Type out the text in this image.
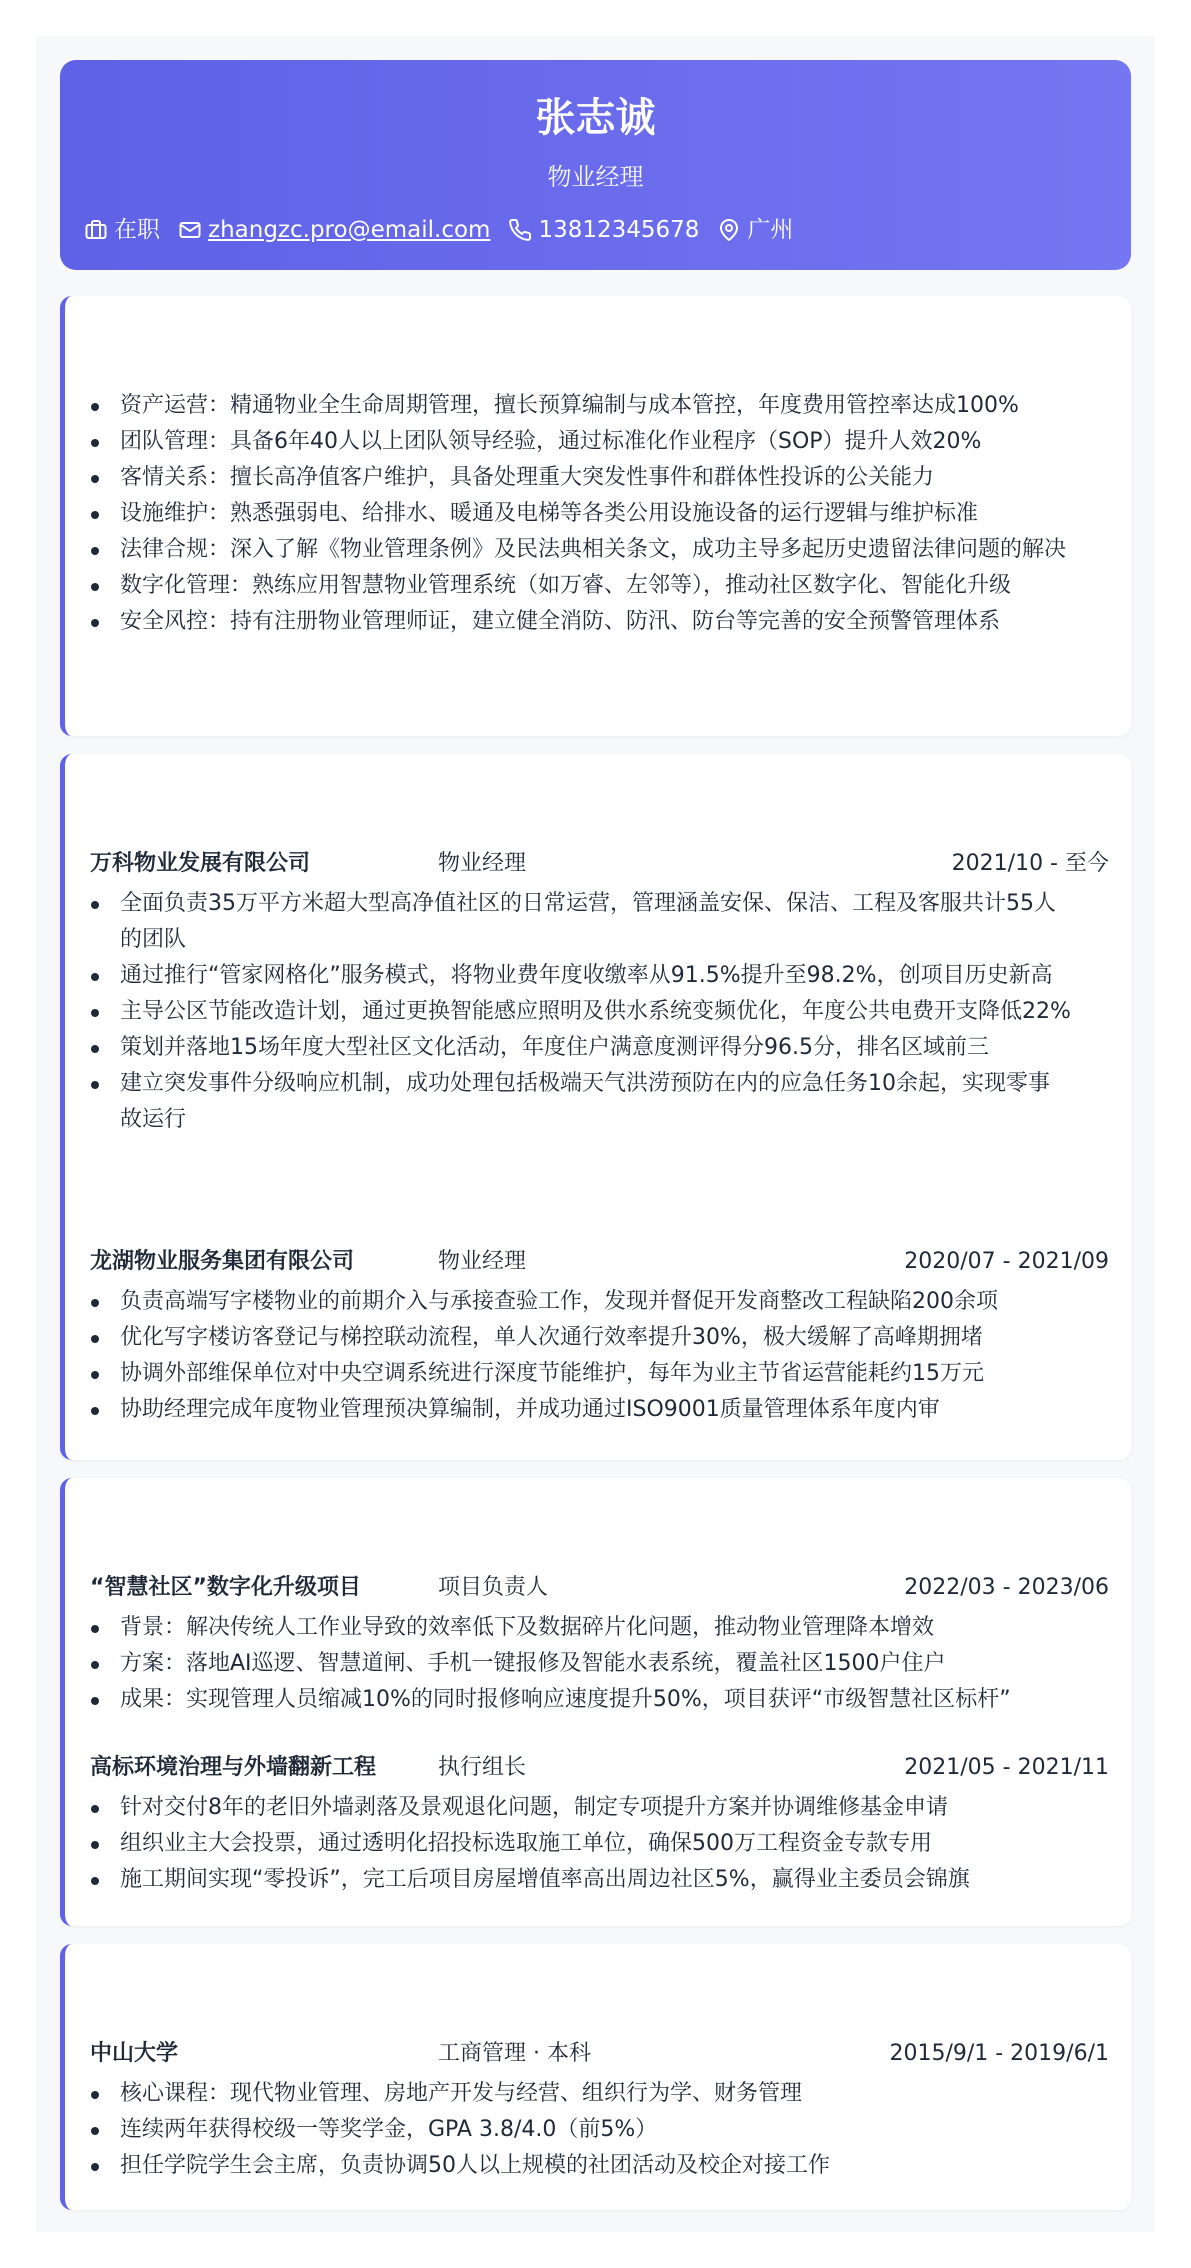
张志诚
物业经理
在职 zhangzc.pro@email.com 13812345678 广州
资产运营：精通物业全生命周期管理，擅长预算编制与成本管控，年度费用管控率达成100%
团队管理：具备6年40人以上团队领导经验，通过标准化作业程序（SOP）提升人效20%
客情关系：擅长高净值客户维护，具备处理重大突发性事件和群体性投诉的公关能力
设施维护：熟悉强弱电、给排水、暖通及电梯等各类公用设施设备的运行逻辑与维护标准
法律合规：深入了解《物业管理条例》及民法典相关条文，成功主导多起历史遗留法律问题的解决
数字化管理：熟练应用智慧物业管理系统（如万睿、左邻等），推动社区数字化、智能化升级
安全风控：持有注册物业管理师证，建立健全消防、防汛、防台等完善的安全预警管理体系
万科物业发展有限公司	物业经理	2021/10 - 至今
全面负责35万平方米超大型高净值社区的日常运营，管理涵盖安保、保洁、工程及客服共计55人的团队
通过推行“管家网格化”服务模式，将物业费年度收缴率从91.5%提升至98.2%，创项目历史新高
主导公区节能改造计划，通过更换智能感应照明及供水系统变频优化，年度公共电费开支降低22%
策划并落地15场年度大型社区文化活动，年度住户满意度测评得分96.5分，排名区域前三
建立突发事件分级响应机制，成功处理包括极端天气洪涝预防在内的应急任务10余起，实现零事故运行
龙湖物业服务集团有限公司	物业经理	2020/07 - 2021/09
负责高端写字楼物业的前期介入与承接查验工作，发现并督促开发商整改工程缺陷200余项
优化写字楼访客登记与梯控联动流程，单人次通行效率提升30%，极大缓解了高峰期拥堵
协调外部维保单位对中央空调系统进行深度节能维护，每年为业主节省运营能耗约15万元
协助经理完成年度物业管理预决算编制，并成功通过ISO9001质量管理体系年度内审
“智慧社区”数字化升级项目	项目负责人	2022/03 - 2023/06
背景：解决传统人工作业导致的效率低下及数据碎片化问题，推动物业管理降本增效
方案：落地AI巡逻、智慧道闸、手机一键报修及智能水表系统，覆盖社区1500户住户
成果：实现管理人员缩减10%的同时报修响应速度提升50%，项目获评“市级智慧社区标杆”
高标环境治理与外墙翻新工程	执行组长	2021/05 - 2021/11
针对交付8年的老旧外墙剥落及景观退化问题，制定专项提升方案并协调维修基金申请
组织业主大会投票，通过透明化招投标选取施工单位，确保500万工程资金专款专用
施工期间实现“零投诉”，完工后项目房屋增值率高出周边社区5%，赢得业主委员会锦旗
中山大学	工商管理 · 本科	2015/9/1 - 2019/6/1
核心课程：现代物业管理、房地产开发与经营、组织行为学、财务管理
连续两年获得校级一等奖学金，GPA 3.8/4.0（前5%）
担任学院学生会主席，负责协调50人以上规模的社团活动及校企对接工作
